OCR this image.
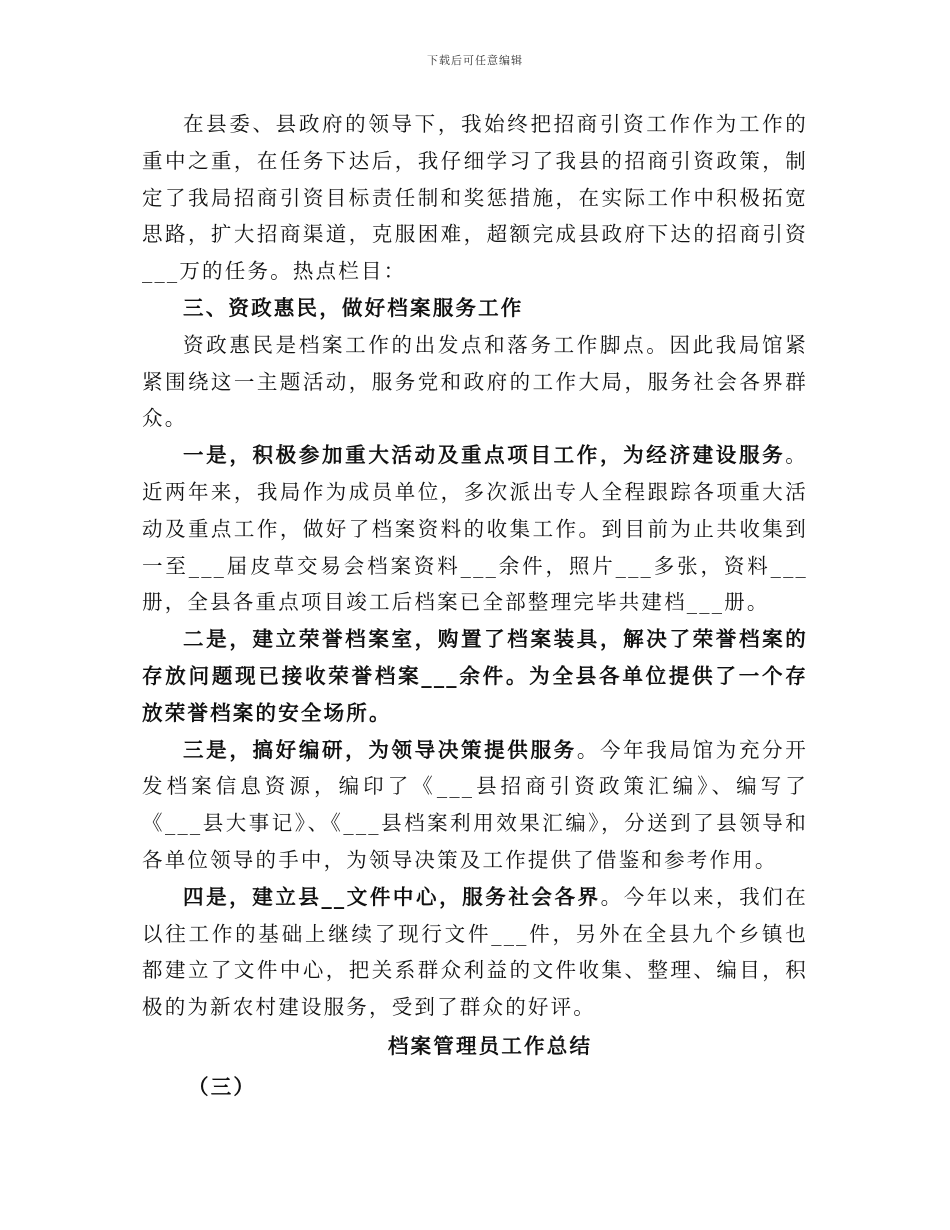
下载后可任意编辑

在县委、县政府的领导下，我始终把招商引资工作作为工作的重中之重，在任务下达后，我仔细学习了我县的招商引资政策，制定了我局招商引资目标责任制和奖惩措施，在实际工作中积极拓宽思路，扩大招商渠道，克服困难，超额完成县政府下达的招商引资___万的任务。热点栏目：

三、资政惠民，做好档案服务工作

资政惠民是档案工作的出发点和落务工作脚点。因此我局馆紧紧围绕这一主题活动，服务党和政府的工作大局，服务社会各界群众。

一是，积极参加重大活动及重点项目工作，为经济建设服务。近两年来，我局作为成员单位，多次派出专人全程跟踪各项重大活动及重点工作，做好了档案资料的收集工作。到目前为止共收集到一至___届皮草交易会档案资料___余件，照片___多张，资料___册，全县各重点项目竣工后档案已全部整理完毕共建档___册。

二是，建立荣誉档案室，购置了档案装具，解决了荣誉档案的存放问题现已接收荣誉档案___余件。为全县各单位提供了一个存放荣誉档案的安全场所。

三是，搞好编研，为领导决策提供服务。今年我局馆为充分开发档案信息资源，编印了《___县招商引资政策汇编》、编写了《___县大事记》、《___县档案利用效果汇编》，分送到了县领导和各单位领导的手中，为领导决策及工作提供了借鉴和参考作用。

四是，建立县__文件中心，服务社会各界。今年以来，我们在以往工作的基础上继续了现行文件___件，另外在全县九个乡镇也都建立了文件中心，把关系群众利益的文件收集、整理、编目，积极的为新农村建设服务，受到了群众的好评。

档案管理员工作总结

（三）
